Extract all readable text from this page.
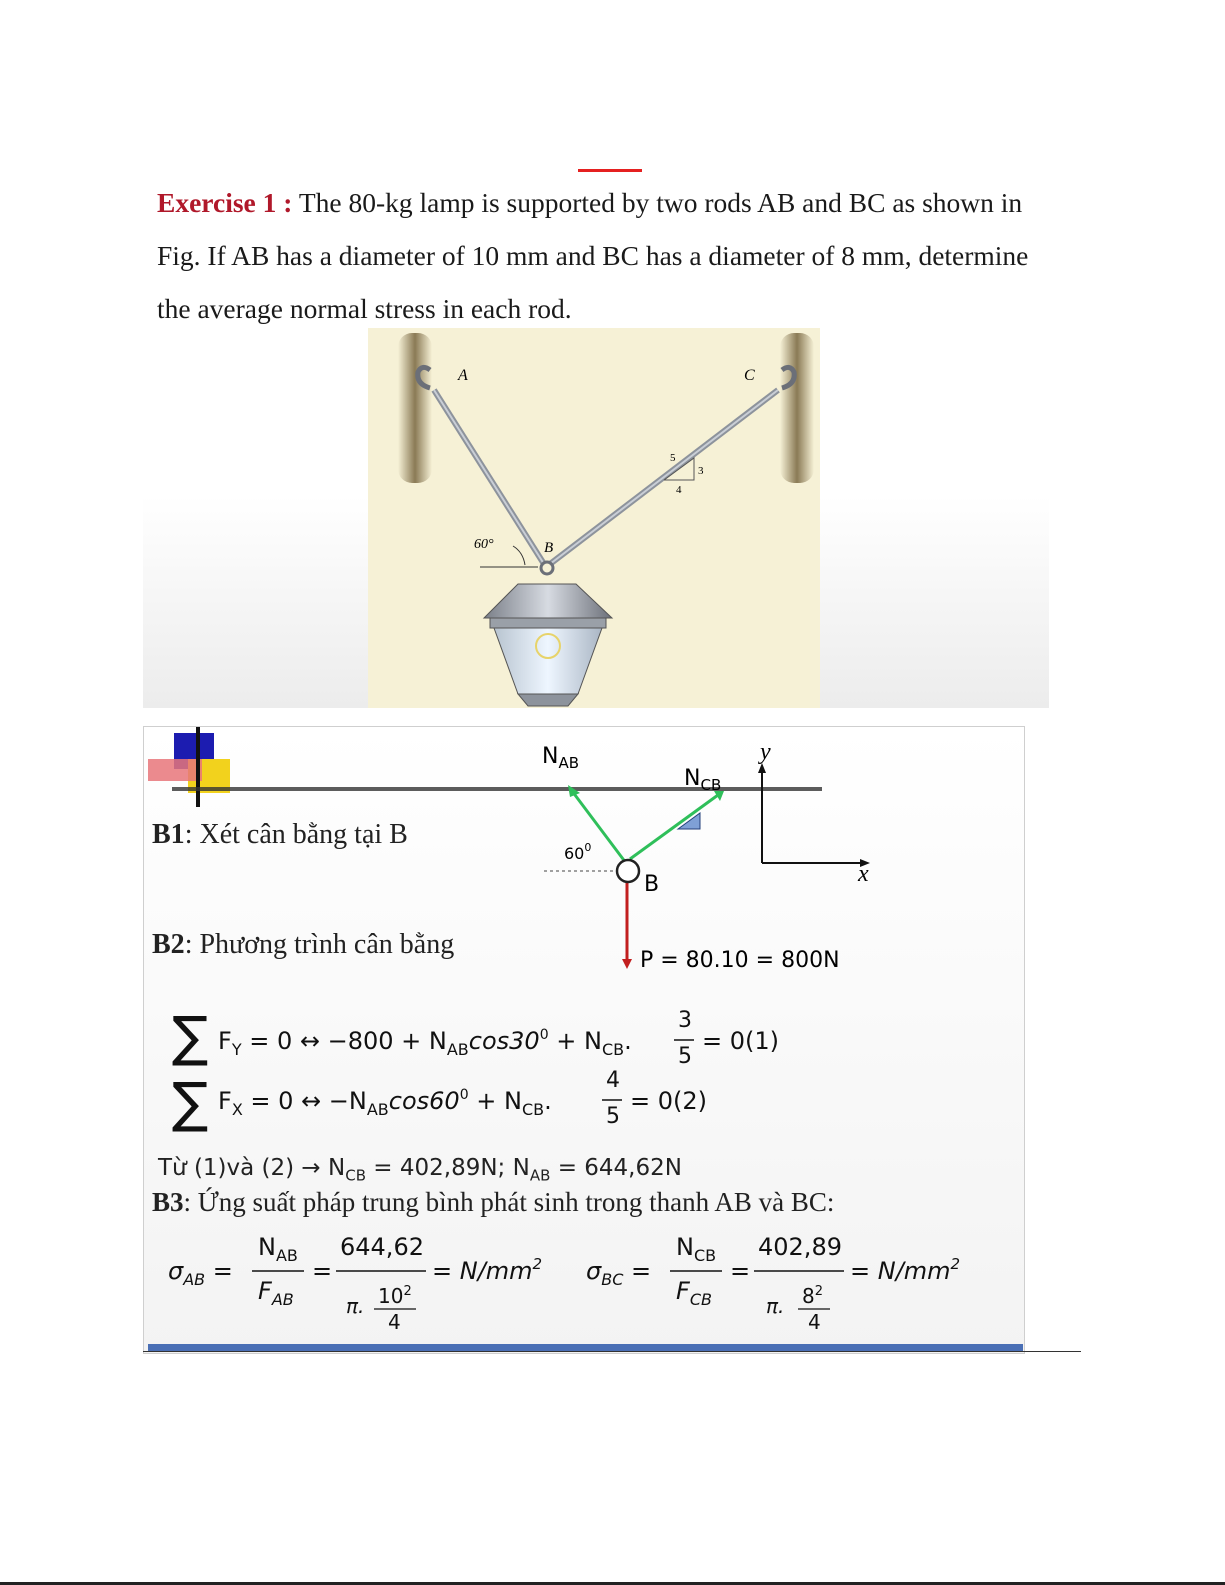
Exercise 1 : The 80-kg lamp is supported by two rods AB and BC as shown in Fig. If AB has a diameter of 10 mm and BC has a diameter of 8 mm, determine the average normal stress in each rod.
A	C
5
3
4
60°	B
B1: Xét cân bằng tại B
B2: Phương trình cân bằng
$N_{AB}$
$N_{CB}$
$60^0$
B
P = 80.10 = 800N
y
x
∑ $F_Y = 0$ ↔ $-800 + N_{AB}\cos 30^0 + N_{CB}$.
3
5
= 0(1)
∑ $F_X = 0$ ↔ $-N_{AB}\cos 60^0 + N_{CB}$.
4
5
= 0(2)
Từ (1)và $(2) \to N_{CB} = 402,89N$; $N_{AB} = 644,62N$
B3: Ứng suất pháp trung bình phát sinh trong thanh AB và BC:
$\sigma_{AB}$ =
$N_{AB}$
$F_{AB}$
=
644,62
π. $10^2$
4
= $N/mm^2$ $\sigma_{BC}$ =
$N_{CB}$
$F_{CB}$
=
402,89
π. $8^2$
4
= $N/mm^2$
